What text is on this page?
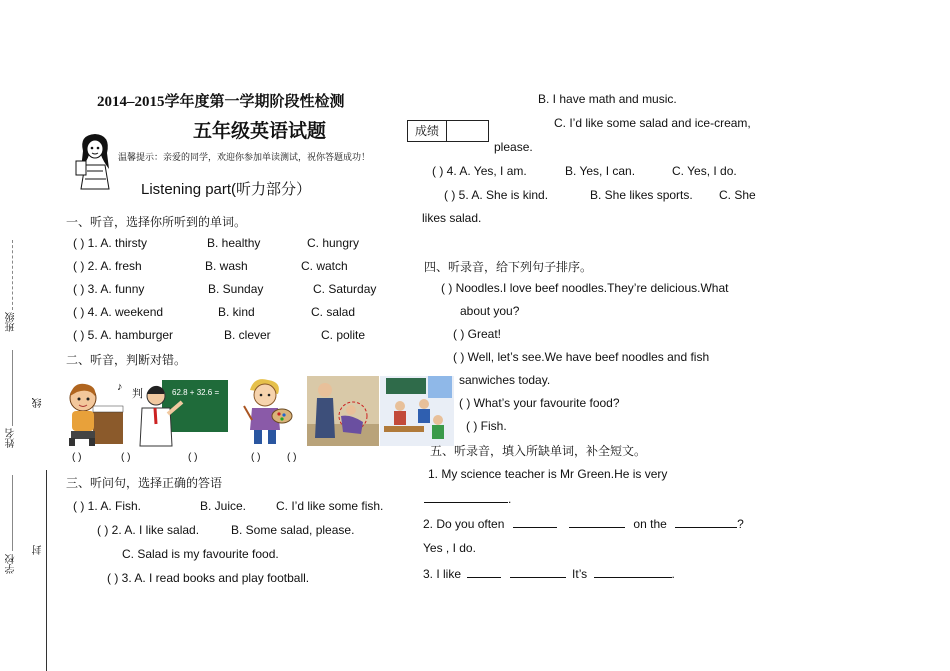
班级
姓名
学校
线
封
2014–2015学年度第一学期阶段性检测
五年级英语试题	成绩
温馨提示：亲爱的同学，欢迎你参加单读测试，祝你答题成功！
Listening part(听力部分）
一、听音，选择你所听到的单词。
( ) 1. A. thirsty	B. healthy	C. hungry
( ) 2. A. fresh	B. wash	C. watch
( ) 3. A. funny	B. Sunday	C. Saturday
( ) 4. A. weekend	B. kind	C. salad
( ) 5. A. hamburger	B. clever	C. polite
二、听音，判断对错。
♪ 判	62.8 + 32.6 =
( )	( )	( )	( )	( )
三、听问句，选择正确的答语
( ) 1. A. Fish.	B. Juice. C. I’d like some fish.
( ) 2. A. I like salad.	B. Some salad, please.
C. Salad is my favourite food.
( ) 3. A. I read books and play football.
B. I have math and music.
C. I’d like some salad and ice-cream,
please.
( ) 4. A. Yes, I am.	B. Yes, I can.	C. Yes, I do.
( ) 5. A. She is kind.	B. She likes sports. C. She
likes salad.
四、听录音，给下列句子排序。
( ) Noodles.I love beef noodles.They’re delicious.What
about you?
( ) Great!
( ) Well, let’s see.We have beef noodles and fish
sanwiches today.
( ) What’s your favourite food?
( ) Fish.
五、听录音，填入所缺单词，补全短文。
1. My science teacher is Mr Green.He is very
.
2. Do you often	on the	?
Yes , I do.
3. I like	It’s	.
